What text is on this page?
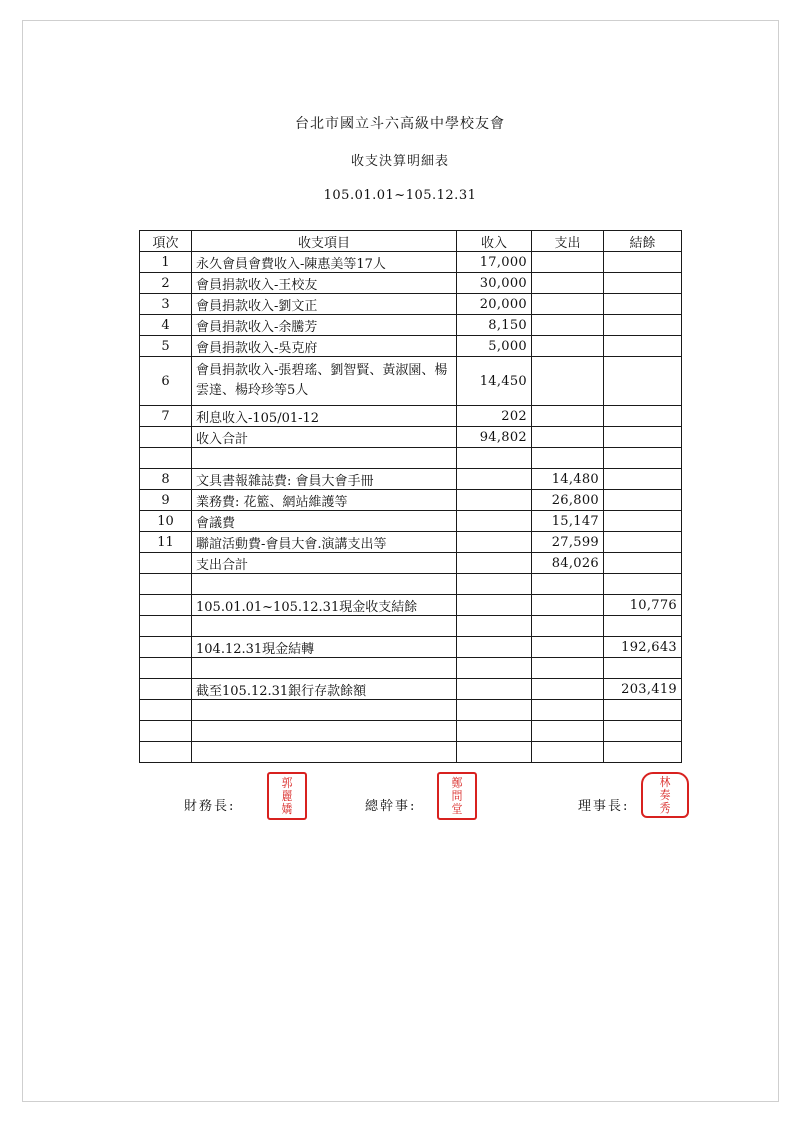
台北市國立斗六高級中學校友會
收支決算明細表
105.01.01~105.12.31
項次	收支項目	收入	支出	結餘
1	永久會員會費收入-陳惠美等17人	17,000		
2	會員捐款收入-王校友	30,000		
3	會員捐款收入-劉文正	20,000		
4	會員捐款收入-余騰芳	8,150		
5	會員捐款收入-吳克府	5,000		
6	會員捐款收入-張碧瑤、劉智賢、黃淑園、楊雲達、楊玲珍等5人	14,450		
7	利息收入-105/01-12	202		
	收入合計	94,802		

8	文具書報雜誌費: 會員大會手冊		14,480	
9	業務費: 花籃、網站維護等		26,800	
10	會議費		15,147	
11	聯誼活動費-會員大會.演講支出等		27,599	
	支出合計		84,026	

	105.01.01~105.12.31現金收支結餘			10,776

	104.12.31現金結轉			192,643

	截至105.12.31銀行存款餘額			203,419

財務長:
郭
麗
嬌	總幹事:
鄭
問
堂	理事長:
林
奏
秀
